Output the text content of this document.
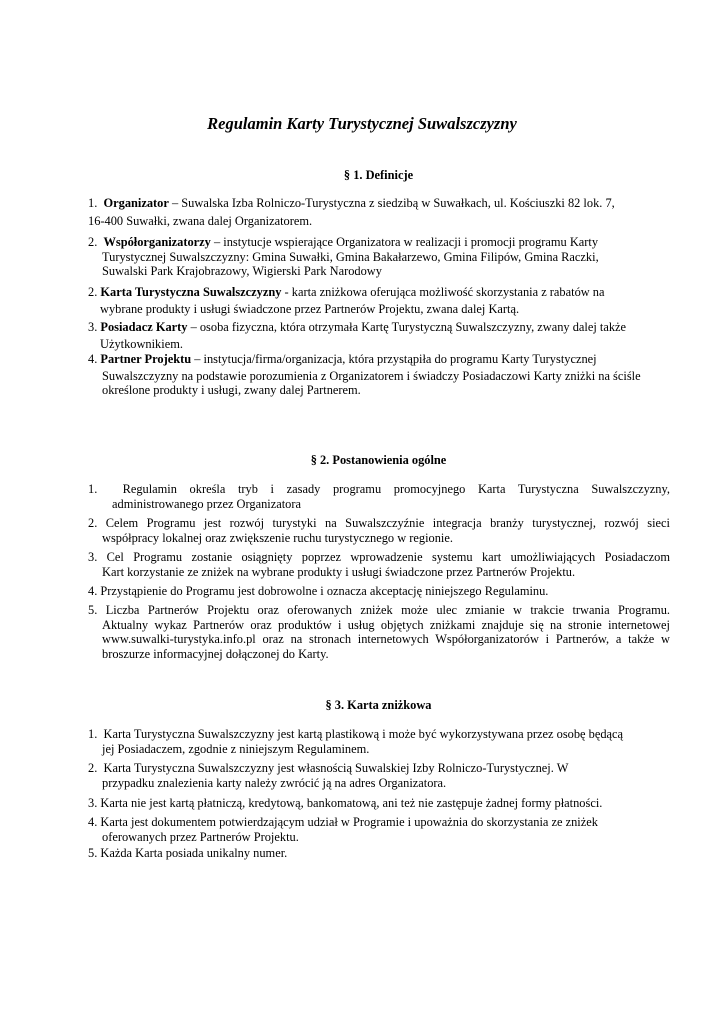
Regulamin Karty Turystycznej Suwalszczyzny
§ 1. Definicje

1. Organizator – Suwalska Izba Rolniczo-Turystyczna z siedzibą w Suwałkach, ul. Kościuszki 82 lok. 7,

16-400 Suwałki, zwana dalej Organizatorem.

2. Współorganizatorzy – instytucje wspierające Organizatora w realizacji i promocji programu Karty

Turystycznej Suwalszczyzny: Gmina Suwałki, Gmina Bakałarzewo, Gmina Filipów, Gmina Raczki, Suwalski Park Krajobrazowy, Wigierski Park Narodowy

2. Karta Turystyczna Suwalszczyzny - karta zniżkowa oferująca możliwość skorzystania z rabatów na

wybrane produkty i usługi świadczone przez Partnerów Projektu, zwana dalej Kartą.

3. Posiadacz Karty – osoba fizyczna, która otrzymała Kartę Turystyczną Suwalszczyzny, zwany dalej także

Użytkownikiem.

4. Partner Projektu – instytucja/firma/organizacja, która przystąpiła do programu Karty Turystycznej

Suwalszczyzny na podstawie porozumienia z Organizatorem i świadczy Posiadaczowi Karty zniżki na ściśle określone produkty i usługi, zwany dalej Partnerem.

§ 2. Postanowienia ogólne

1. Regulamin określa tryb i zasady programu promocyjnego Karta Turystyczna Suwalszczyzny,

administrowanego przez Organizatora

2. Celem Programu jest rozwój turystyki na Suwalszczyźnie integracja branży turystycznej, rozwój sieci

współpracy lokalnej oraz zwiększenie ruchu turystycznego w regionie.

3. Cel Programu zostanie osiągnięty poprzez wprowadzenie systemu kart umożliwiających Posiadaczom

Kart korzystanie ze zniżek na wybrane produkty i usługi świadczone przez Partnerów Projektu.

4. Przystąpienie do Programu jest dobrowolne i oznacza akceptację niniejszego Regulaminu.

5. Liczba Partnerów Projektu oraz oferowanych zniżek może ulec zmianie w trakcie trwania Programu.

Aktualny wykaz Partnerów oraz produktów i usług objętych zniżkami znajduje się na stronie internetowej www.suwalki-turystyka.info.pl oraz na stronach internetowych Współorganizatorów i Partnerów, a także w broszurze informacyjnej dołączonej do Karty.

§ 3. Karta zniżkowa

1. Karta Turystyczna Suwalszczyzny jest kartą plastikową i może być wykorzystywana przez osobę będącą

jej Posiadaczem, zgodnie z niniejszym Regulaminem.

2. Karta Turystyczna Suwalszczyzny jest własnością Suwalskiej Izby Rolniczo-Turystycznej. W

przypadku znalezienia karty należy zwrócić ją na adres Organizatora.

3. Karta nie jest kartą płatniczą, kredytową, bankomatową, ani też nie zastępuje żadnej formy płatności.

4. Karta jest dokumentem potwierdzającym udział w Programie i upoważnia do skorzystania ze zniżek

oferowanych przez Partnerów Projektu.

5. Każda Karta posiada unikalny numer.
